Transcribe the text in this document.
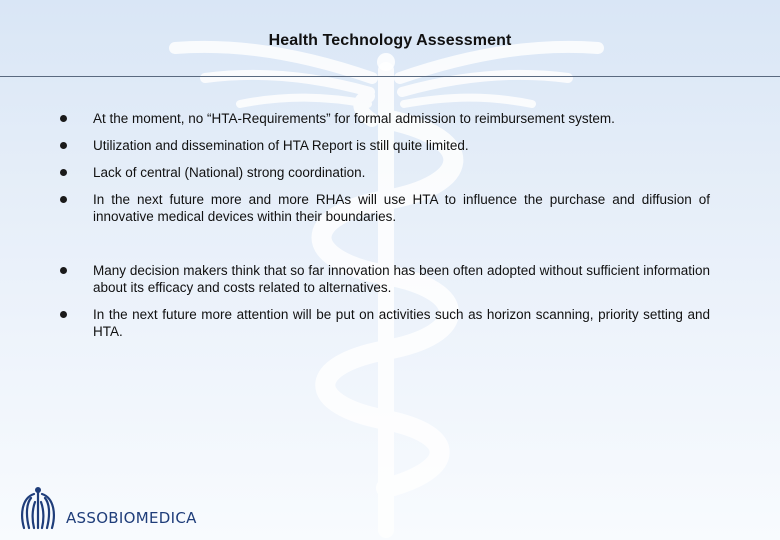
Health Technology Assessment
At the moment, no “HTA-Requirements” for formal admission to reimbursement system.
Utilization and dissemination of HTA Report is still quite limited.
Lack of central (National) strong coordination.
In the next future more and more RHAs will use HTA to influence the purchase and diffusion of innovative medical devices within their boundaries.
Many decision makers think that so far innovation has been often adopted without sufficient information about its efficacy and costs related to alternatives.
In the next future more attention will be put on activities such as horizon scanning, priority setting and HTA.
ASSOBIOMEDICA
